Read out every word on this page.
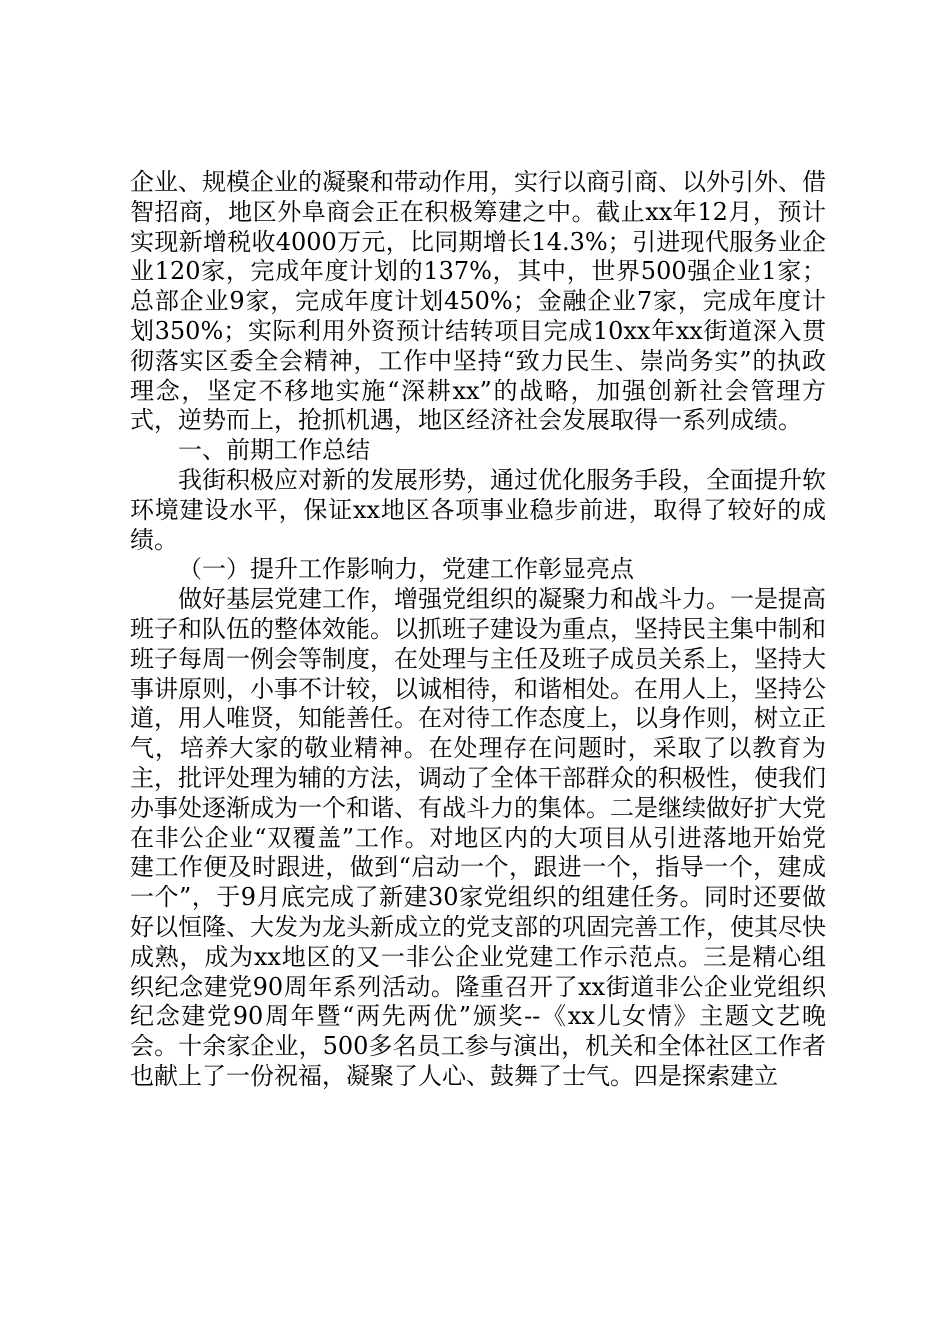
企业、规模企业的凝聚和带动作用，实行以商引商、以外引外、借智招商，地区外阜商会正在积极筹建之中。截止xx年12月，预计实现新增税收4000万元，比同期增长14.3%；引进现代服务业企业120家，完成年度计划的137%，其中，世界500强企业1家；总部企业9家，完成年度计划450%；金融企业7家，完成年度计划350%；实际利用外资预计结转项目完成10xx年xx街道深入贯彻落实区委全会精神，工作中坚持“致力民生、崇尚务实”的执政理念，坚定不移地实施“深耕xx”的战略，加强创新社会管理方式，逆势而上，抢抓机遇，地区经济社会发展取得一系列成绩。

一、前期工作总结

我街积极应对新的发展形势，通过优化服务手段，全面提升软环境建设水平，保证xx地区各项事业稳步前进，取得了较好的成绩。

（一）提升工作影响力，党建工作彰显亮点

做好基层党建工作，增强党组织的凝聚力和战斗力。一是提高班子和队伍的整体效能。以抓班子建设为重点，坚持民主集中制和班子每周一例会等制度，在处理与主任及班子成员关系上，坚持大事讲原则，小事不计较，以诚相待，和谐相处。在用人上，坚持公道，用人唯贤，知能善任。在对待工作态度上，以身作则，树立正气，培养大家的敬业精神。在处理存在问题时，采取了以教育为主，批评处理为辅的方法，调动了全体干部群众的积极性，使我们办事处逐渐成为一个和谐、有战斗力的集体。二是继续做好扩大党在非公企业“双覆盖”工作。对地区内的大项目从引进落地开始党建工作便及时跟进，做到“启动一个，跟进一个，指导一个，建成一个”，于9月底完成了新建30家党组织的组建任务。同时还要做好以恒隆、大发为龙头新成立的党支部的巩固完善工作，使其尽快成熟，成为xx地区的又一非公企业党建工作示范点。三是精心组织纪念建党90周年系列活动。隆重召开了xx街道非公企业党组织纪念建党90周年暨“两先两优”颁奖--《xx儿女情》主题文艺晚会。十余家企业，500多名员工参与演出，机关和全体社区工作者也献上了一份祝福，凝聚了人心、鼓舞了士气。四是探索建立
